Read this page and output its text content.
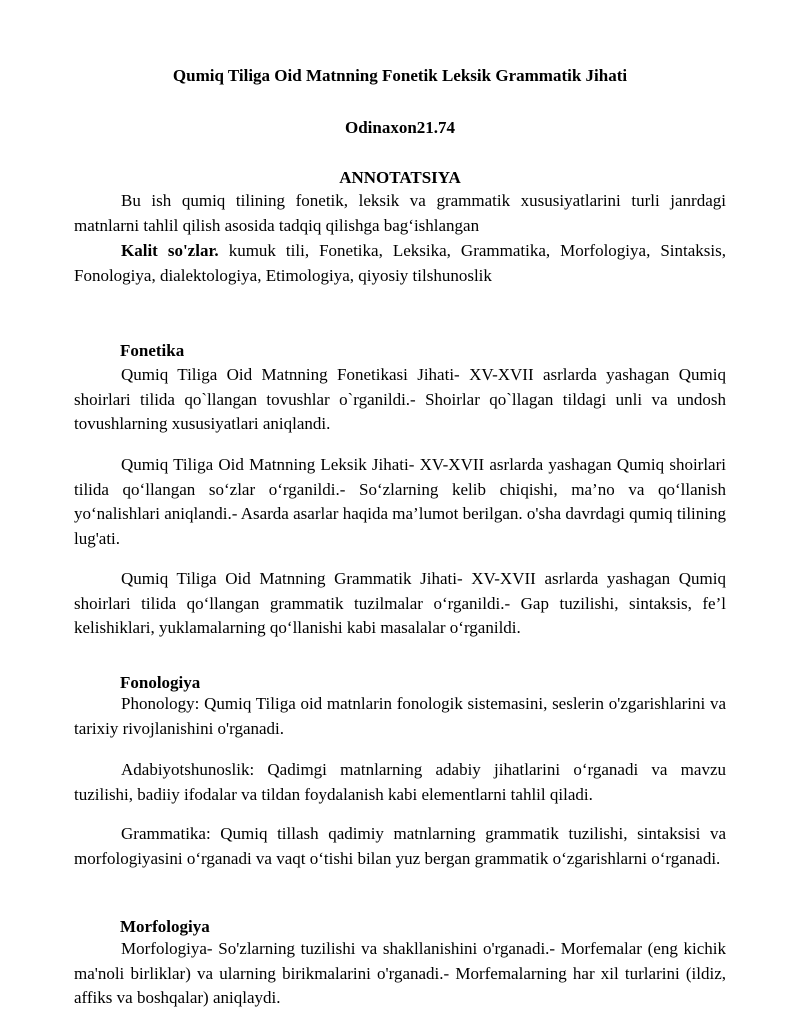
Qumiq Tiliga Oid Matnning Fonetik Leksik Grammatik Jihati
Odinaxon21.74
ANNOTATSIYA

Bu ish qumiq tilining fonetik, leksik va grammatik xususiyatlarini turli janrdagi matnlarni tahlil qilish asosida tadqiq qilishga bag‘ishlangan

Kalit so'zlar. kumuk tili, Fonetika, Leksika, Grammatika, Morfologiya, Sintaksis, Fonologiya, dialektologiya, Etimologiya, qiyosiy tilshunoslik

Fonetika

Qumiq Tiliga Oid Matnning Fonetikasi Jihati- XV-XVII asrlarda yashagan Qumiq shoirlari tilida qo`llangan tovushlar o`rganildi.- Shoirlar qo`llagan tildagi unli va undosh tovushlarning xususiyatlari aniqlandi.

Qumiq Tiliga Oid Matnning Leksik Jihati- XV-XVII asrlarda yashagan Qumiq shoirlari tilida qo‘llangan so‘zlar o‘rganildi.- So‘zlarning kelib chiqishi, ma’no va qo‘llanish yo‘nalishlari aniqlandi.- Asarda asarlar haqida ma’lumot berilgan. o'sha davrdagi qumiq tilining lug'ati.

Qumiq Tiliga Oid Matnning Grammatik Jihati- XV-XVII asrlarda yashagan Qumiq shoirlari tilida qo‘llangan grammatik tuzilmalar o‘rganildi.- Gap tuzilishi, sintaksis, fe’l kelishiklari, yuklamalarning qo‘llanishi kabi masalalar o‘rganildi.

Fonologiya

Phonology: Qumiq Tiliga oid matnlarin fonologik sistemasini, seslerin o'zgarishlarini va tarixiy rivojlanishini o'rganadi.

Adabiyotshunoslik: Qadimgi matnlarning adabiy jihatlarini o‘rganadi va mavzu tuzilishi, badiiy ifodalar va tildan foydalanish kabi elementlarni tahlil qiladi.

Grammatika: Qumiq tillash qadimiy matnlarning grammatik tuzilishi, sintaksisi va morfologiyasini o‘rganadi va vaqt o‘tishi bilan yuz bergan grammatik o‘zgarishlarni o‘rganadi.

Morfologiya

Morfologiya- So'zlarning tuzilishi va shakllanishini o'rganadi.- Morfemalar (eng kichik ma'noli birliklar) va ularning birikmalarini o'rganadi.- Morfemalarning har xil turlarini (ildiz, affiks va boshqalar) aniqlaydi.
